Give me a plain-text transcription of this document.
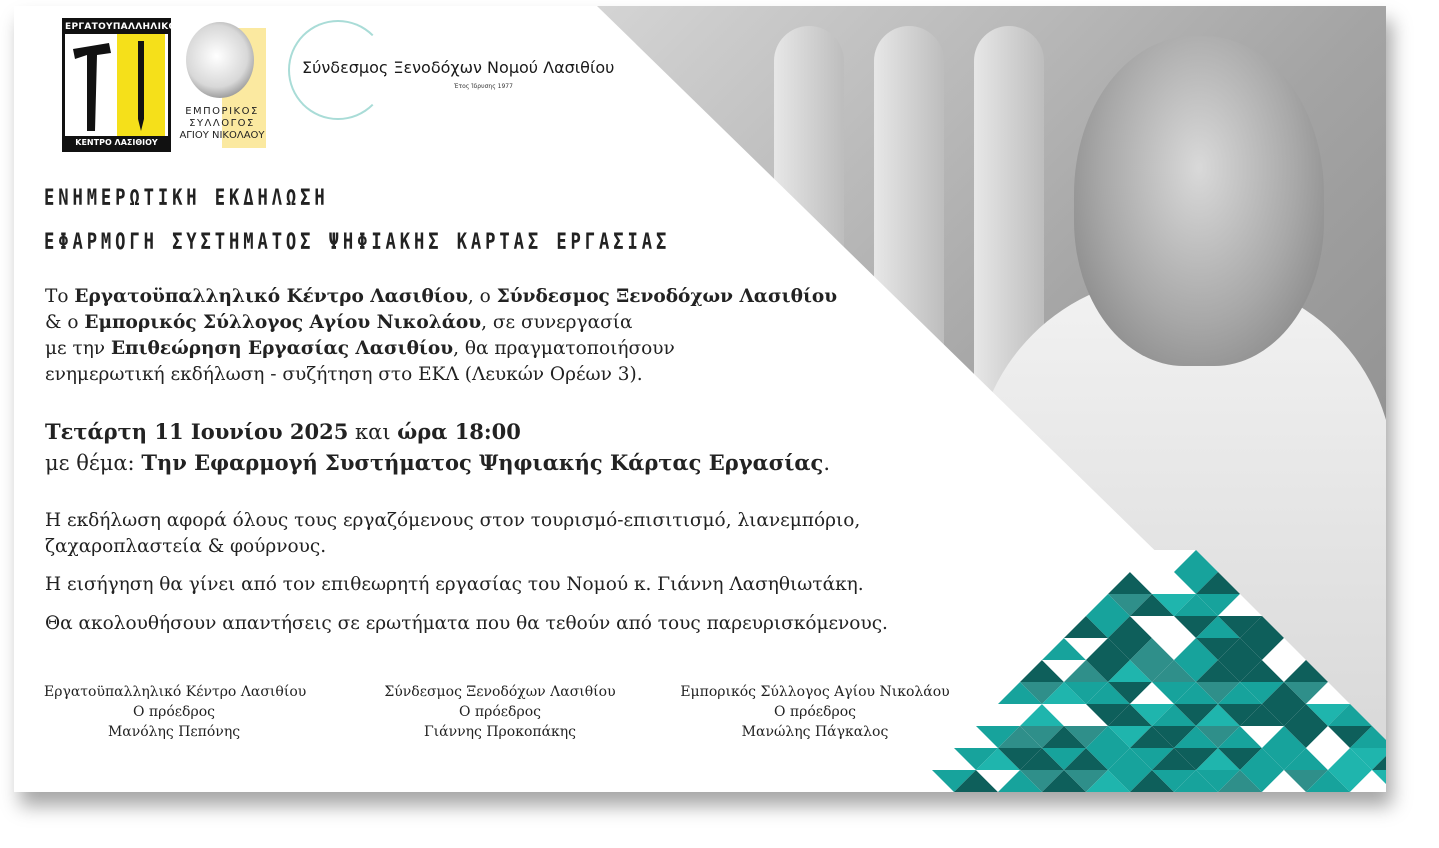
ΕΡΓΑΤΟΥΠΑΛΛΗΛΙΚΟ
ΚΕΝΤΡΟ ΛΑΣΙΘΙΟΥ
ΕΜΠΟΡΙΚΟΣ
ΣΥΛΛΟΓΟΣ
ΑΓΙΟΥ ΝΙΚΟΛΑΟΥ
Σύνδεσμος Ξενοδόχων Νομού Λασιθίου
Έτος Ίδρυσης 1977
ΕΝΗΜΕΡΩΤΙΚΗ ΕΚΔΗΛΩΣΗ
ΕΦΑΡΜΟΓΗ ΣΥΣΤΗΜΑΤΟΣ ΨΗΦΙΑΚΗΣ ΚΑΡΤΑΣ ΕΡΓΑΣΙΑΣ
Το Εργατοϋπαλληλικό Κέντρο Λασιθίου, ο Σύνδεσμος Ξενοδόχων Λασιθίου
& ο Εμπορικός Σύλλογος Αγίου Νικολάου, σε συνεργασία
με την Επιθεώρηση Εργασίας Λασιθίου, θα πραγματοποιήσουν
ενημερωτική εκδήλωση - συζήτηση στο ΕΚΛ (Λευκών Ορέων 3).
Τετάρτη 11 Ιουνίου 2025 και ώρα 18:00
με θέμα: Την Εφαρμογή Συστήματος Ψηφιακής Κάρτας Εργασίας.
Η εκδήλωση αφορά όλους τους εργαζόμενους στον τουρισμό-επισιτισμό, λιανεμπόριο,
ζαχαροπλαστεία & φούρνους.
Η εισήγηση θα γίνει από τον επιθεωρητή εργασίας του Νομού κ. Γιάννη Λασηθιωτάκη.
Θα ακολουθήσουν απαντήσεις σε ερωτήματα που θα τεθούν από τους παρευρισκόμενους.
Εργατοϋπαλληλικό Κέντρο Λασιθίου
Ο πρόεδρος
Μανόλης Πεπόνης
Σύνδεσμος Ξενοδόχων Λασιθίου
Ο πρόεδρος
Γιάννης Προκοπάκης
Εμπορικός Σύλλογος Αγίου Νικολάου
Ο πρόεδρος
Μανώλης Πάγκαλος
